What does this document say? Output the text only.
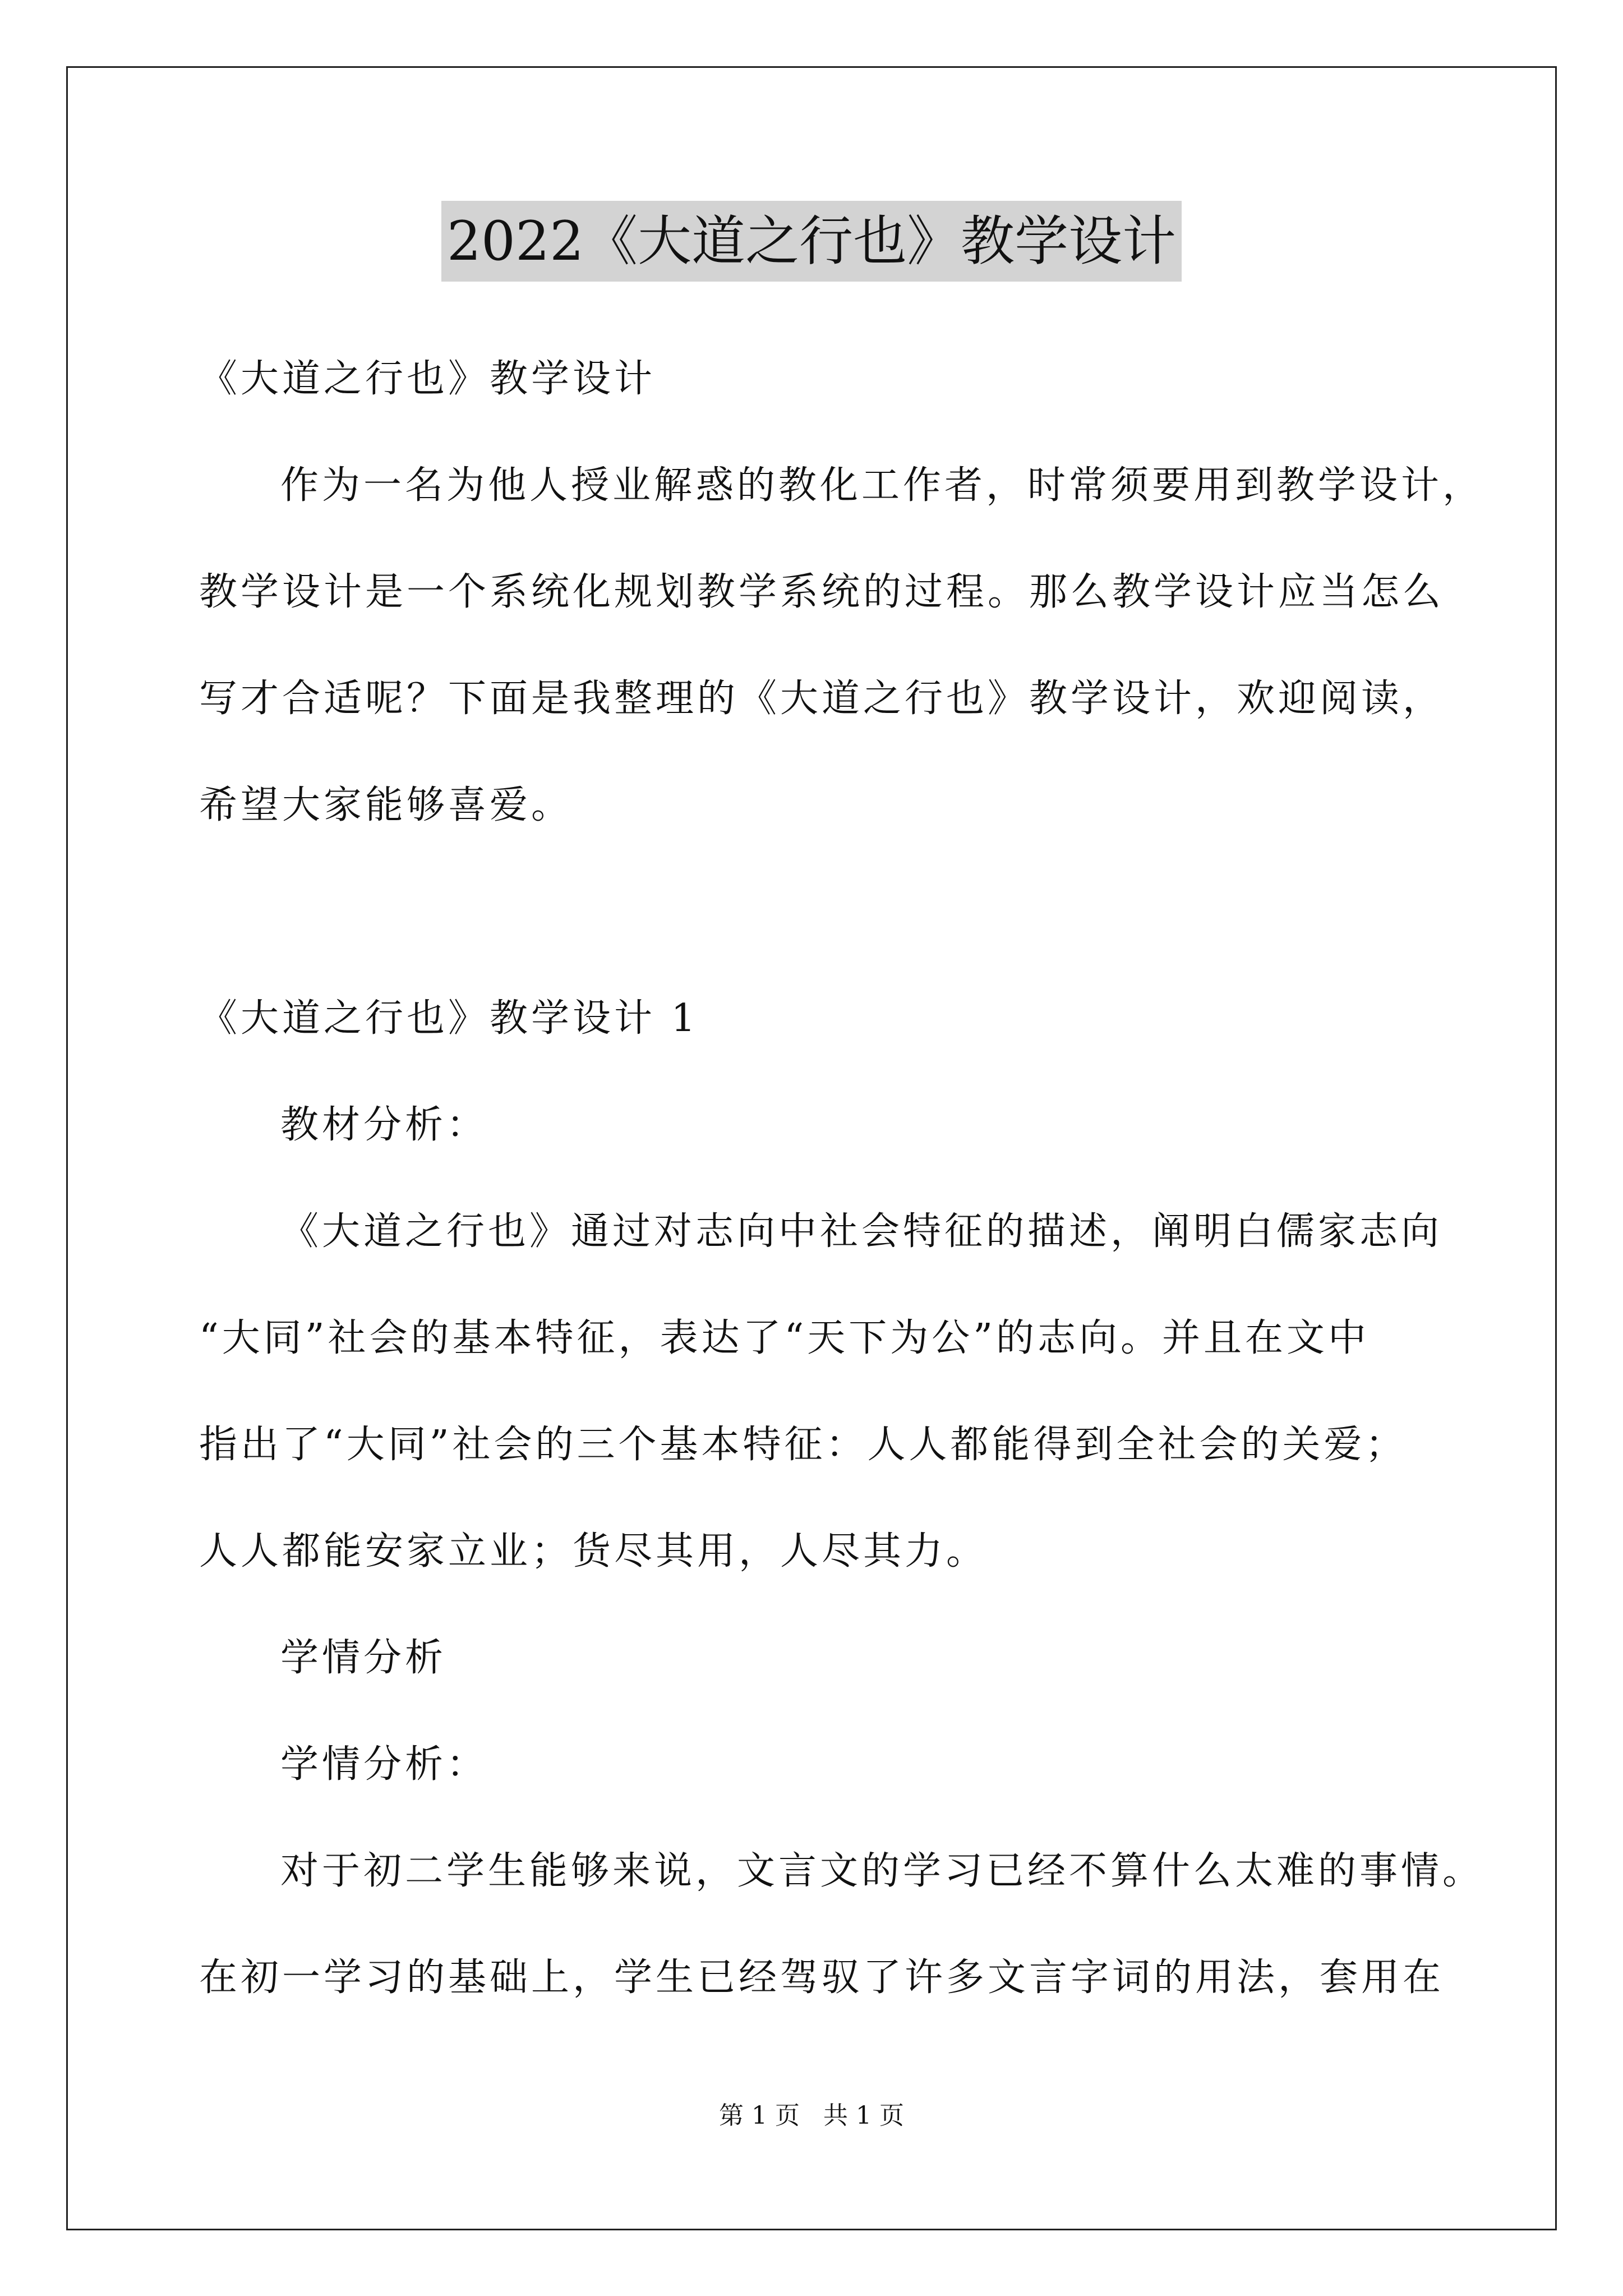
2022《大道之行也》教学设计
《大道之行也》教学设计
作为一名为他人授业解惑的教化工作者，时常须要用到教学设计，
教学设计是一个系统化规划教学系统的过程。那么教学设计应当怎么
写才合适呢？下面是我整理的《大道之行也》教学设计，欢迎阅读，
希望大家能够喜爱。
《大道之行也》教学设计 1
教材分析：
《大道之行也》通过对志向中社会特征的描述，阐明白儒家志向
“大同”社会的基本特征，表达了“天下为公”的志向。并且在文中
指出了“大同”社会的三个基本特征：人人都能得到全社会的关爱；
人人都能安家立业；货尽其用，人尽其力。
学情分析
学情分析：
对于初二学生能够来说，文言文的学习已经不算什么太难的事情。
在初一学习的基础上，学生已经驾驭了许多文言字词的用法，套用在
第 1 页   共 1 页
